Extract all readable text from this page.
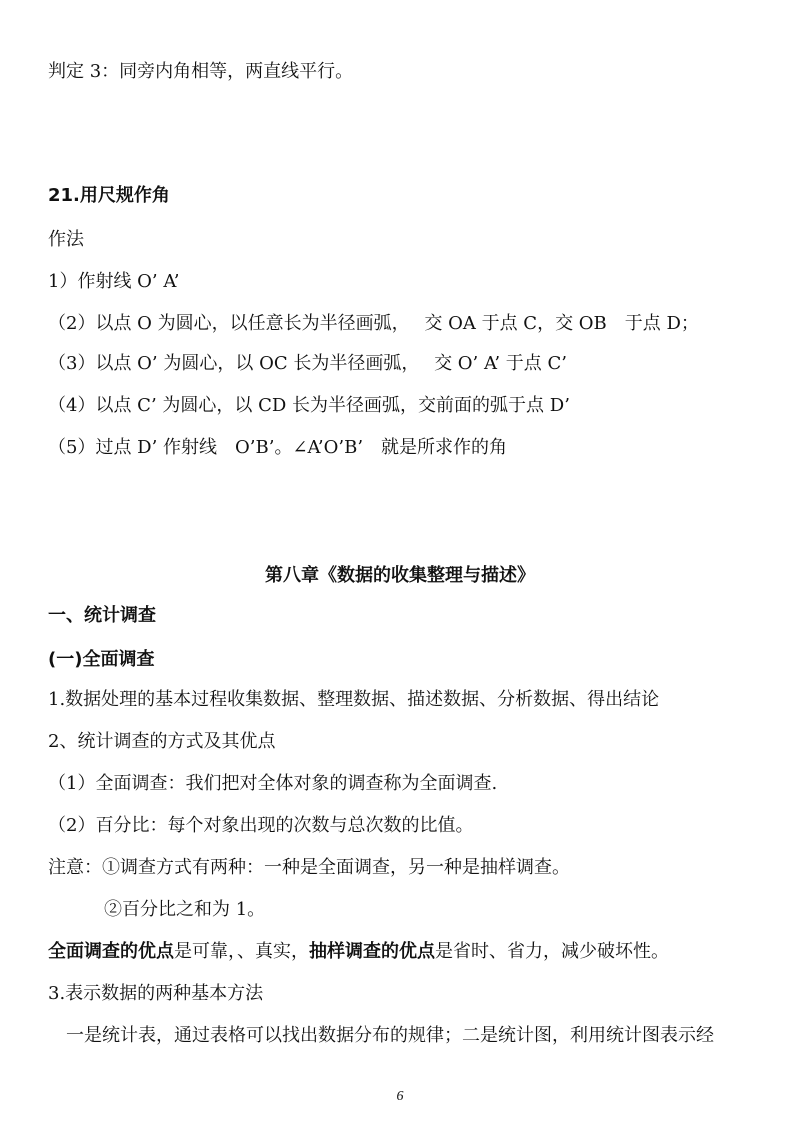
判定 3：同旁内角相等，两直线平行。
21.用尺规作角
作法
1）作射线 O’ A’
（2）以点 O 为圆心，以任意长为半径画弧，　 交 OA 于点 C，交 OB　于点 D；
（3）以点 O’ 为圆心，以 OC 长为半径画弧，　 交 O’ A’ 于点 C’
（4）以点 C’ 为圆心，以 CD 长为半径画弧，交前面的弧于点 D’
（5）过点 D’ 作射线　O’B’。∠A’O’B’　就是所求作的角
第八章《数据的收集整理与描述》
一、统计调查
(一)全面调查
1.数据处理的基本过程收集数据、整理数据、描述数据、分析数据、得出结论
2、统计调查的方式及其优点
（1）全面调查：我们把对全体对象的调查称为全面调查.
（2）百分比：每个对象出现的次数与总次数的比值。
注意：①调查方式有两种：一种是全面调查，另一种是抽样调查。
②百分比之和为 1。
全面调查的优点是可靠，、真实，抽样调查的优点是省时、省力，减少破坏性。
3.表示数据的两种基本方法
　一是统计表，通过表格可以找出数据分布的规律；二是统计图，利用统计图表示经
6
